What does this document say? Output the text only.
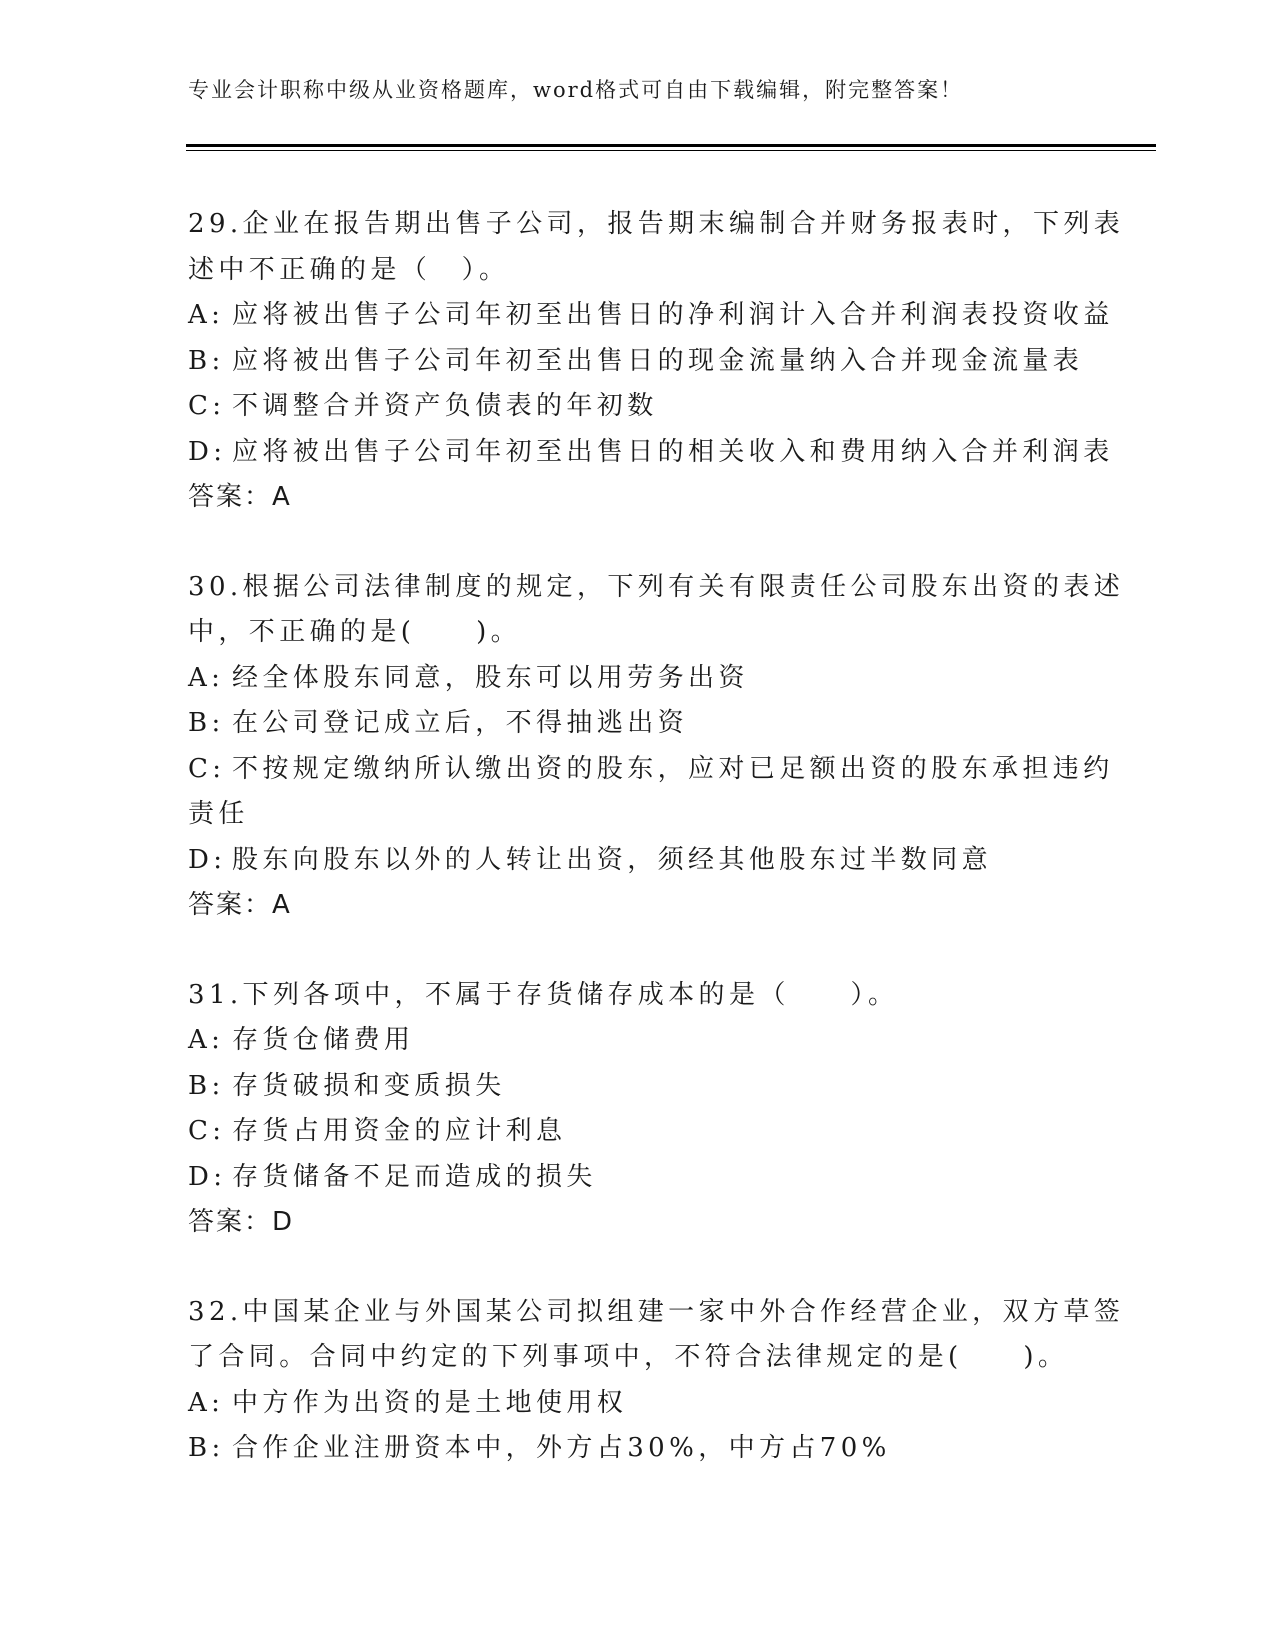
专业会计职称中级从业资格题库，word格式可自由下载编辑，附完整答案！
29.企业在报告期出售子公司，报告期末编制合并财务报表时，下列表
述中不正确的是（　）。
A: 应将被出售子公司年初至出售日的净利润计入合并利润表投资收益
B: 应将被出售子公司年初至出售日的现金流量纳入合并现金流量表
C: 不调整合并资产负债表的年初数
D: 应将被出售子公司年初至出售日的相关收入和费用纳入合并利润表
答案：A
30.根据公司法律制度的规定，下列有关有限责任公司股东出资的表述
中，不正确的是(　　)。
A: 经全体股东同意，股东可以用劳务出资
B: 在公司登记成立后，不得抽逃出资
C: 不按规定缴纳所认缴出资的股东，应对已足额出资的股东承担违约
责任
D: 股东向股东以外的人转让出资，须经其他股东过半数同意
答案：A
31.下列各项中，不属于存货储存成本的是（　　）。
A: 存货仓储费用
B: 存货破损和变质损失
C: 存货占用资金的应计利息
D: 存货储备不足而造成的损失
答案：D
32.中国某企业与外国某公司拟组建一家中外合作经营企业，双方草签
了合同。合同中约定的下列事项中，不符合法律规定的是(　　)。
A: 中方作为出资的是土地使用权
B: 合作企业注册资本中，外方占30%，中方占70%
